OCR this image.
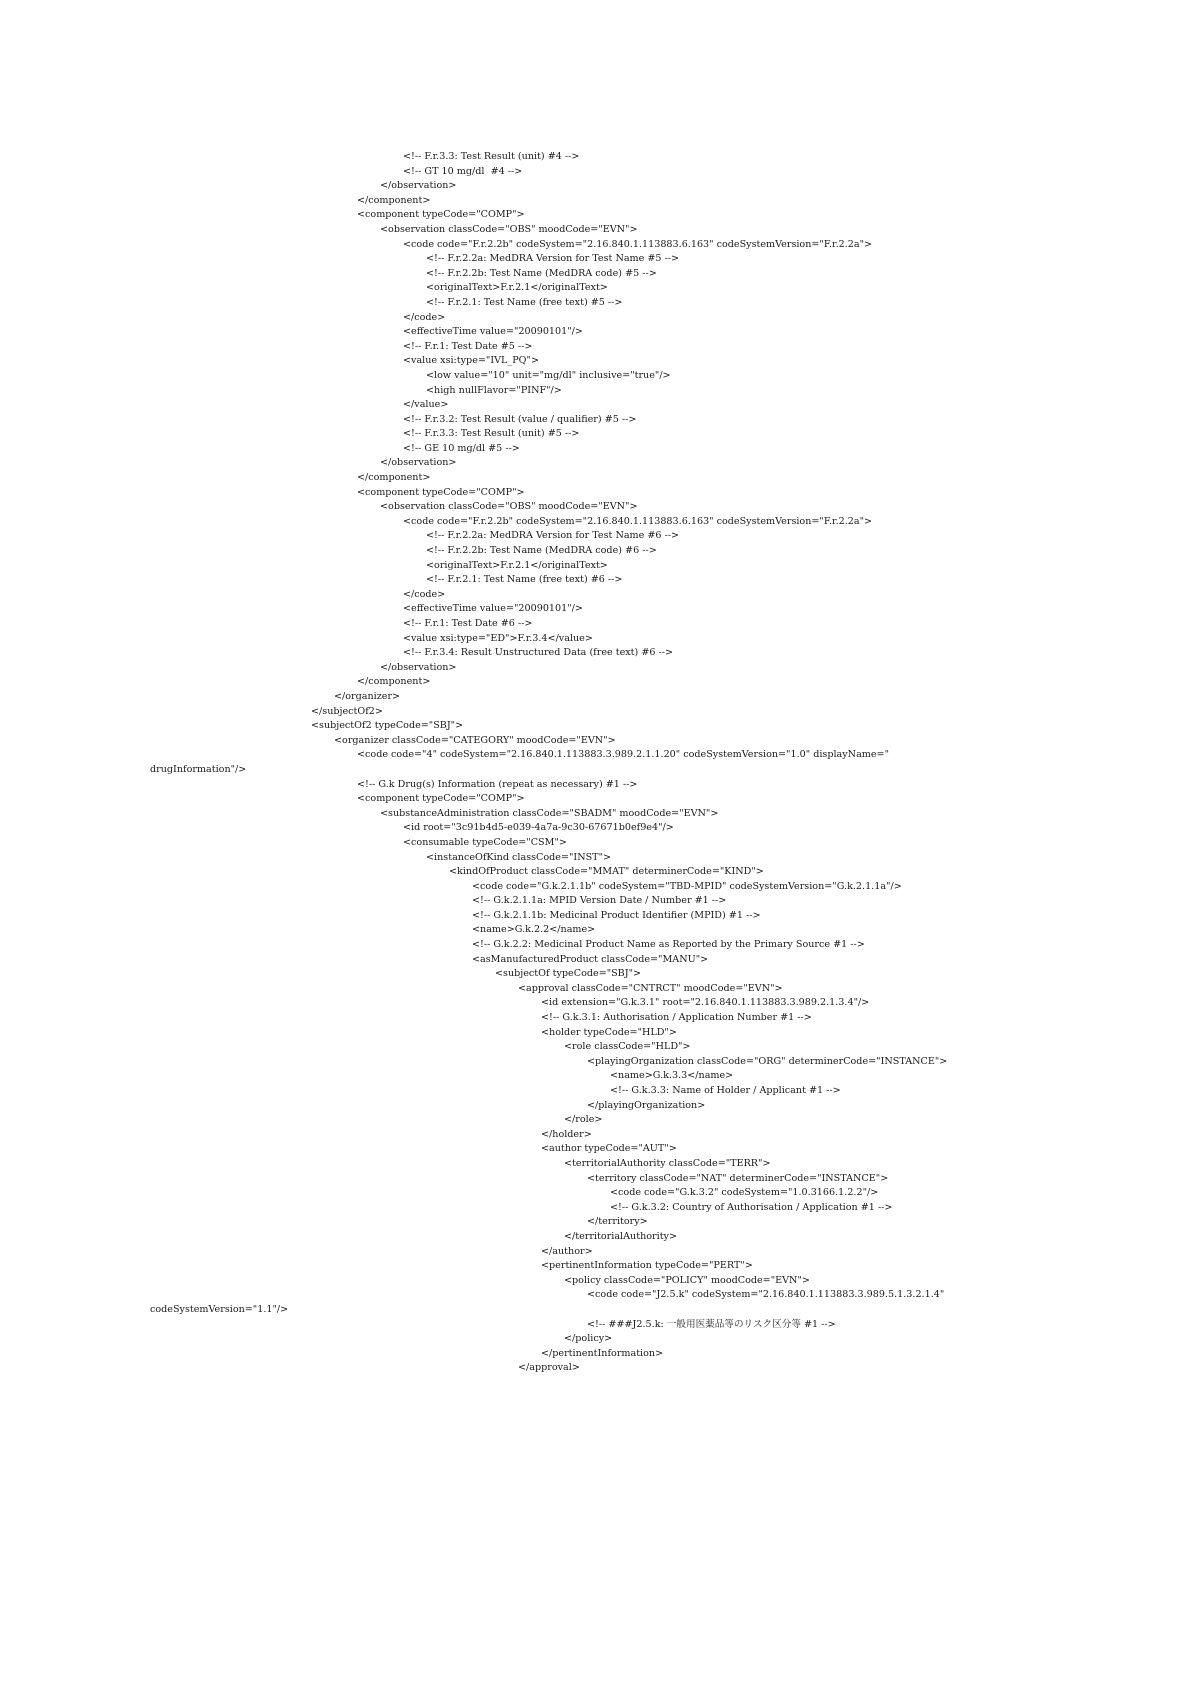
<!-- F.r.3.3: Test Result (unit) #4 -->
<!-- GT 10 mg/dl  #4 -->
</observation>
</component>
<component typeCode="COMP">
<observation classCode="OBS" moodCode="EVN">
<code code="F.r.2.2b" codeSystem="2.16.840.1.113883.6.163" codeSystemVersion="F.r.2.2a">
<!-- F.r.2.2a: MedDRA Version for Test Name #5 -->
<!-- F.r.2.2b: Test Name (MedDRA code) #5 -->
<originalText>F.r.2.1</originalText>
<!-- F.r.2.1: Test Name (free text) #5 -->
</code>
<effectiveTime value="20090101"/>
<!-- F.r.1: Test Date #5 -->
<value xsi:type="IVL_PQ">
<low value="10" unit="mg/dl" inclusive="true"/>
<high nullFlavor="PINF"/>
</value>
<!-- F.r.3.2: Test Result (value / qualifier) #5 -->
<!-- F.r.3.3: Test Result (unit) #5 -->
<!-- GE 10 mg/dl #5 -->
</observation>
</component>
<component typeCode="COMP">
<observation classCode="OBS" moodCode="EVN">
<code code="F.r.2.2b" codeSystem="2.16.840.1.113883.6.163" codeSystemVersion="F.r.2.2a">
<!-- F.r.2.2a: MedDRA Version for Test Name #6 -->
<!-- F.r.2.2b: Test Name (MedDRA code) #6 -->
<originalText>F.r.2.1</originalText>
<!-- F.r.2.1: Test Name (free text) #6 -->
</code>
<effectiveTime value="20090101"/>
<!-- F.r.1: Test Date #6 -->
<value xsi:type="ED">F.r.3.4</value>
<!-- F.r.3.4: Result Unstructured Data (free text) #6 -->
</observation>
</component>
</organizer>
</subjectOf2>
<subjectOf2 typeCode="SBJ">
<organizer classCode="CATEGORY" moodCode="EVN">
<code code="4" codeSystem="2.16.840.1.113883.3.989.2.1.1.20" codeSystemVersion="1.0" displayName="
drugInformation"/>
<!-- G.k Drug(s) Information (repeat as necessary) #1 -->
<component typeCode="COMP">
<substanceAdministration classCode="SBADM" moodCode="EVN">
<id root="3c91b4d5-e039-4a7a-9c30-67671b0ef9e4"/>
<consumable typeCode="CSM">
<instanceOfKind classCode="INST">
<kindOfProduct classCode="MMAT" determinerCode="KIND">
<code code="G.k.2.1.1b" codeSystem="TBD-MPID" codeSystemVersion="G.k.2.1.1a"/>
<!-- G.k.2.1.1a: MPID Version Date / Number #1 -->
<!-- G.k.2.1.1b: Medicinal Product Identifier (MPID) #1 -->
<name>G.k.2.2</name>
<!-- G.k.2.2: Medicinal Product Name as Reported by the Primary Source #1 -->
<asManufacturedProduct classCode="MANU">
<subjectOf typeCode="SBJ">
<approval classCode="CNTRCT" moodCode="EVN">
<id extension="G.k.3.1" root="2.16.840.1.113883.3.989.2.1.3.4"/>
<!-- G.k.3.1: Authorisation / Application Number #1 -->
<holder typeCode="HLD">
<role classCode="HLD">
<playingOrganization classCode="ORG" determinerCode="INSTANCE">
<name>G.k.3.3</name>
<!-- G.k.3.3: Name of Holder / Applicant #1 -->
</playingOrganization>
</role>
</holder>
<author typeCode="AUT">
<territorialAuthority classCode="TERR">
<territory classCode="NAT" determinerCode="INSTANCE">
<code code="G.k.3.2" codeSystem="1.0.3166.1.2.2"/>
<!-- G.k.3.2: Country of Authorisation / Application #1 -->
</territory>
</territorialAuthority>
</author>
<pertinentInformation typeCode="PERT">
<policy classCode="POLICY" moodCode="EVN">
<code code="J2.5.k" codeSystem="2.16.840.1.113883.3.989.5.1.3.2.1.4"
codeSystemVersion="1.1"/>
<!-- ###J2.5.k: 一般用医薬品等のリスク区分等 #1 -->
</policy>
</pertinentInformation>
</approval>
